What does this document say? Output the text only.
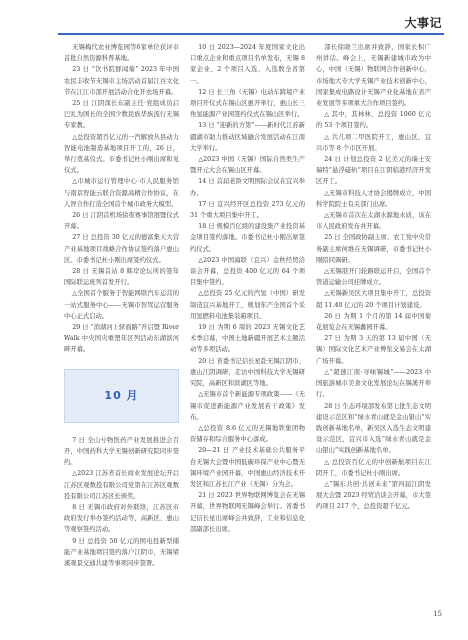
大事记

无锡梅代农业博览园等6家单位获评市首批自然资源科普基地。

23 日 “饮书院群闻菊” 2023 年中国农民丰收节无锡市主场活动首届江谷文化节在江江市部开展活动合化开农场开幕。

25 日 江阴深长东副主任·党组成员启巴礼为国长的全国少数民族华族流行无锡专家教。

△总投资超百亿元的一汽解放丛县动力智能电池制造基地项目开工的，26 日，举行奠基仪式。市委书记杜小刚出席和见仪式。

△市城市运行管理中心·市人民服务馆与南京智能云联合资源高精合作协议，在人智合作打造全国首个城市政务大模型。

26 日 江阴首机场徐夜赛事馆展暨仪式开幕。

27 日 总投资 30 亿元的德富集天大营产业基地项目战略合作协议签约落户惠山区。市委书记杜小刚出席签约仪式。

28 日 无锡首站 8 辉岸论坛所的签年国际联运班列首发开行。

△全国首个服务于智能网联汽车运营的一站式服务中心——无锡市智驾运营服务中心正式启动。

29 日 “滨湖河上驿面路”开启暨 River Walk 中央国央重塑年区列活动东湖滨河畔开幕。

10 月

7 日 全山兮物医药产业发展推进会召开，中国药科大学无锡创新研究院同步签约。

△2023 江苏省首长商业发展论坛开启江苏区观数投有限公司党第在江苏区观数投有限公司江苏区长颁奖。

8 日 无锡市政府对外联络，江苏区市政府发行举办签约活动等，高新区、惠山等观察签约活动。

9 日 总投资 50 亿元的国电投新型储能产业基地项目签约落户江阴市，无锡梁溪观景交通共建等事项同步签署。

10 日 2023—2024 年度国家文化出口重点企业和重点项目名单发布，无锡 8 家企业、2 个项目入选，入选数全省第一。

12 日 长三角（无锡）电动车跨境产业项目开仪式在锡山区惠开举行，惠山长三角氢能源产业园签约仪式在锡山区举行。

13 日 “迎新的方第”——新时代江苏新疆湖市助力推动区域融合发展活动在江南大学举行。

△2023 中国（无锡）国际自然类生产暨开元大会在锡山区开幕。

14 日 首届老龄文明国际会议在宜兴举办。

17 日 宜兴经开区总投资 273 亿元的 31 个重大项目集中开工。

18 日 规模百亿级的建设集产业投资基金项目签约落地。市委书记杜小刚出席签约仪式。

△2023 中国海联（宜兴）金秋经贸洽谈会开幕，总投资 400 亿元的 64 个项目集中签约。

△总投资 25 亿元的汽氢（中国）研发制造宜兴基地开工，规划年产全国首个采用氢燃料电池集装箱项目。

19 日 为期 6 周的 2023 无锡文化艺术季启幕，中国土地新疆开展艺术主题活动等多项活动。

20 日 省委书记信长星赴无锡江阴市、惠山江阴调研，走访中国科技大学无锡研究院，高新区和滨湖区等地。

△无锡市首个新能源专项政策——《无锡市促进新能源产业发展若干政策》发布。

△总投资 8.6 亿元的无锡地铁集团物资储存和综合服务中心落成。

20—21 日 产业技术基础公共服务平台无锡大会暨中国低碳环保产业中心暨无锡环境产业园开幕，中国惠山经济技术开发区和江苏长江产业（无锡）分为会。

21 日 2023 世界物联网博览会在无锡开幕，世界物联网无锡峰会举行。省委书记信长星出席峰会并致辞，工业和信息化部副部长出席。

部长徐晓兰出席并致辞，国家长积广州讲话。峰会上，无锡新建城市政为中心，中国（无锡）物联网合作创新中心，市场地大专大学无锡产业技术创新中心，国家集成电路设计无锡产业化基地在省产业发展等多项重大合作项目签约。

△ 其中，其林林，总投资 1060 亿元的 53 个项目签约。

△ 共几项二甲医院开工，惠山区，宜兴市等 8 个市区开展。

24 日 计划总投资 2 亿美元的瑞士安瑞特“悬浮磁轨”项目在江阴临港经济开发区开工。

△无锡市科技人才协会揭牌成立，中国科学院院士有关部门出席。

△无锡市首次在太湖水源地水质，该在市人民政府发布并开幕。

25 日 全国政协副主席、农工党中央常务副主席何维在无锡调研，市委书记杜小刚陪同调研。

△无锡港开门轮路联运开启，全国首个管道运输公司挂牌成立。

△无锡新吴区大项目集中开工，总投资超 11.40 亿元的 20 个项目计划建设。

26 日 为期 1 个月的第 14 届中国菊花展览会在无锡蠡园开幕。

27 日 为期 3 天的第 13 届中国（无锡）国际文化艺术产业博览交易会在太湖广场开幕。

△“超速江南·寻味锡城”——2023 中国旅游城市美食文化发展论坛在锡溪开举行。

28 日 生态环境部发布第七批生态文明建设示范区和“绿水青山就是金山银山”实践创新基地名单，新吴区入选生态文明建设示范区，宜兴市入选“绿水青山就是金山银山”实践创新基地名单。

△ 总投资百亿元的中创新航项目在江阴开工，市委书记杜小刚出席。

△“锡东共创·共创未来”第四届江阴发展大会暨 2023 经贸洽谈会开幕，市大签约项目 217 个，总投资超千亿元。

15
